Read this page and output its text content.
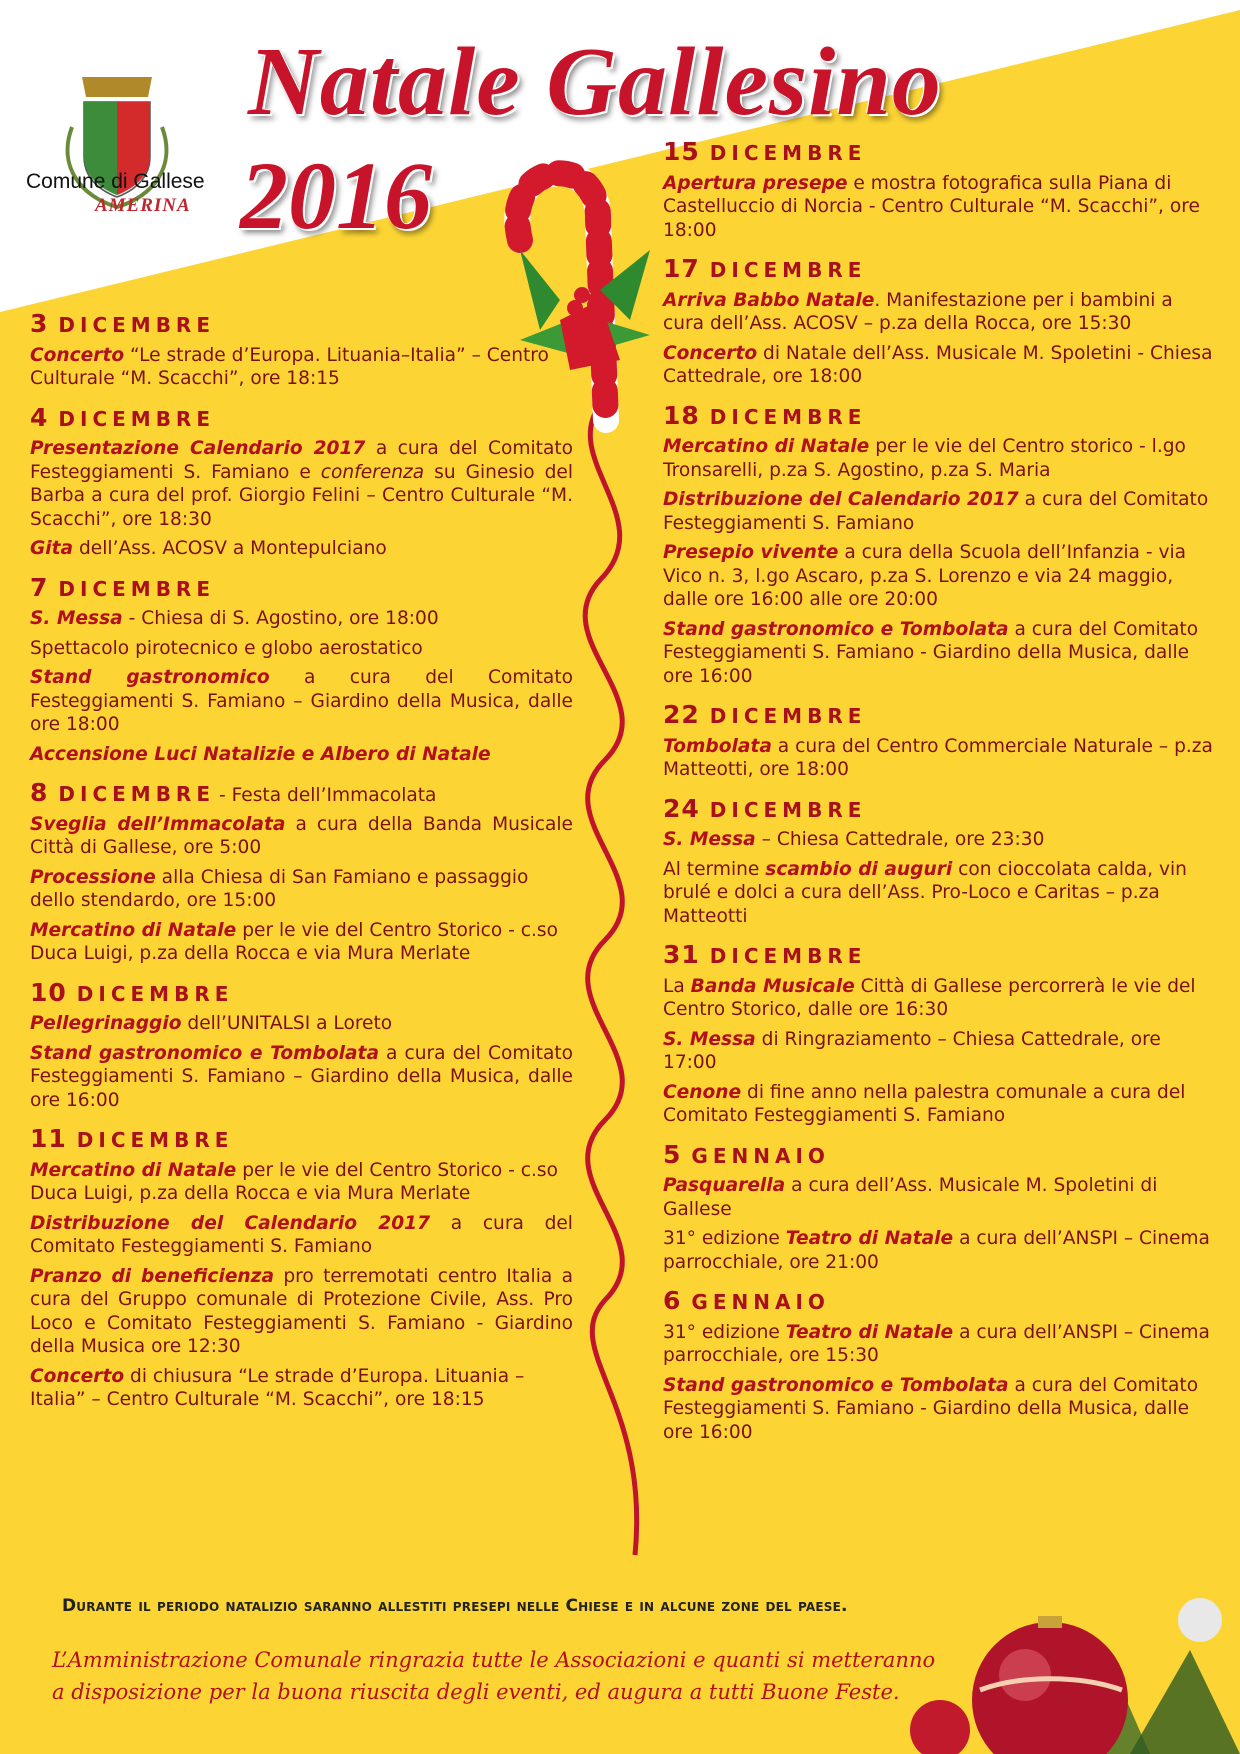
Comune di Gallese
AMERINA
Natale Gallesino
2016
3 DICEMBRE
Concerto “Le strade d’Europa. Lituania–Italia” – Centro Culturale “M. Scacchi”, ore 18:15
4 DICEMBRE
Presentazione Calendario 2017 a cura del Comitato Festeggiamenti S. Famiano e conferenza su Ginesio del Barba a cura del prof. Giorgio Felini – Centro Culturale “M. Scacchi”, ore 18:30
Gita dell’Ass. ACOSV a Montepulciano
7 DICEMBRE
S. Messa - Chiesa di S. Agostino, ore 18:00
Spettacolo pirotecnico e globo aerostatico
Stand gastronomico a cura del Comitato Festeggiamenti S. Famiano – Giardino della Musica, dalle ore 18:00
Accensione Luci Natalizie e Albero di Natale
8 DICEMBRE - Festa dell’Immacolata
Sveglia dell’Immacolata a cura della Banda Musicale Città di Gallese, ore 5:00
Processione alla Chiesa di San Famiano e passaggio dello stendardo, ore 15:00
Mercatino di Natale per le vie del Centro Storico - c.so Duca Luigi, p.za della Rocca e via Mura Merlate
10 DICEMBRE
Pellegrinaggio dell’UNITALSI a Loreto
Stand gastronomico e Tombolata a cura del Comitato Festeggiamenti S. Famiano – Giardino della Musica, dalle ore 16:00
11 DICEMBRE
Mercatino di Natale per le vie del Centro Storico - c.so Duca Luigi, p.za della Rocca e via Mura Merlate
Distribuzione del Calendario 2017 a cura del Comitato Festeggiamenti S. Famiano
Pranzo di beneficienza pro terremotati centro Italia a cura del Gruppo comunale di Protezione Civile, Ass. Pro Loco e Comitato Festeggiamenti S. Famiano - Giardino della Musica ore 12:30
Concerto di chiusura “Le strade d’Europa. Lituania – Italia” – Centro Culturale “M. Scacchi”, ore 18:15
15 DICEMBRE
Apertura presepe e mostra fotografica sulla Piana di Castelluccio di Norcia - Centro Culturale “M. Scacchi”, ore 18:00
17 DICEMBRE
Arriva Babbo Natale. Manifestazione per i bambini a cura dell’Ass. ACOSV – p.za della Rocca, ore 15:30
Concerto di Natale dell’Ass. Musicale M. Spoletini - Chiesa Cattedrale, ore 18:00
18 DICEMBRE
Mercatino di Natale per le vie del Centro storico - l.go Tronsarelli, p.za S. Agostino, p.za S. Maria
Distribuzione del Calendario 2017 a cura del Comitato Festeggiamenti S. Famiano
Presepio vivente a cura della Scuola dell’Infanzia - via Vico n. 3, l.go Ascaro, p.za S. Lorenzo e via 24 maggio, dalle ore 16:00 alle ore 20:00
Stand gastronomico e Tombolata a cura del Comitato Festeggiamenti S. Famiano - Giardino della Musica, dalle ore 16:00
22 DICEMBRE
Tombolata a cura del Centro Commerciale Naturale – p.za Matteotti, ore 18:00
24 DICEMBRE
S. Messa – Chiesa Cattedrale, ore 23:30
Al termine scambio di auguri con cioccolata calda, vin brulé e dolci a cura dell’Ass. Pro-Loco e Caritas – p.za Matteotti
31 DICEMBRE
La Banda Musicale Città di Gallese percorrerà le vie del Centro Storico, dalle ore 16:30
S. Messa di Ringraziamento – Chiesa Cattedrale, ore 17:00
Cenone di fine anno nella palestra comunale a cura del Comitato Festeggiamenti S. Famiano
5 GENNAIO
Pasquarella a cura dell’Ass. Musicale M. Spoletini di Gallese
31° edizione Teatro di Natale a cura dell’ANSPI – Cinema parrocchiale, ore 21:00
6 GENNAIO
31° edizione Teatro di Natale a cura dell’ANSPI – Cinema parrocchiale, ore 15:30
Stand gastronomico e Tombolata a cura del Comitato Festeggiamenti S. Famiano - Giardino della Musica, dalle ore 16:00
Durante il periodo natalizio saranno allestiti presepi nelle Chiese e in alcune zone del paese.
L’Amministrazione Comunale ringrazia tutte le Associazioni e quanti si metteranno
a disposizione per la buona riuscita degli eventi, ed augura a tutti Buone Feste.
